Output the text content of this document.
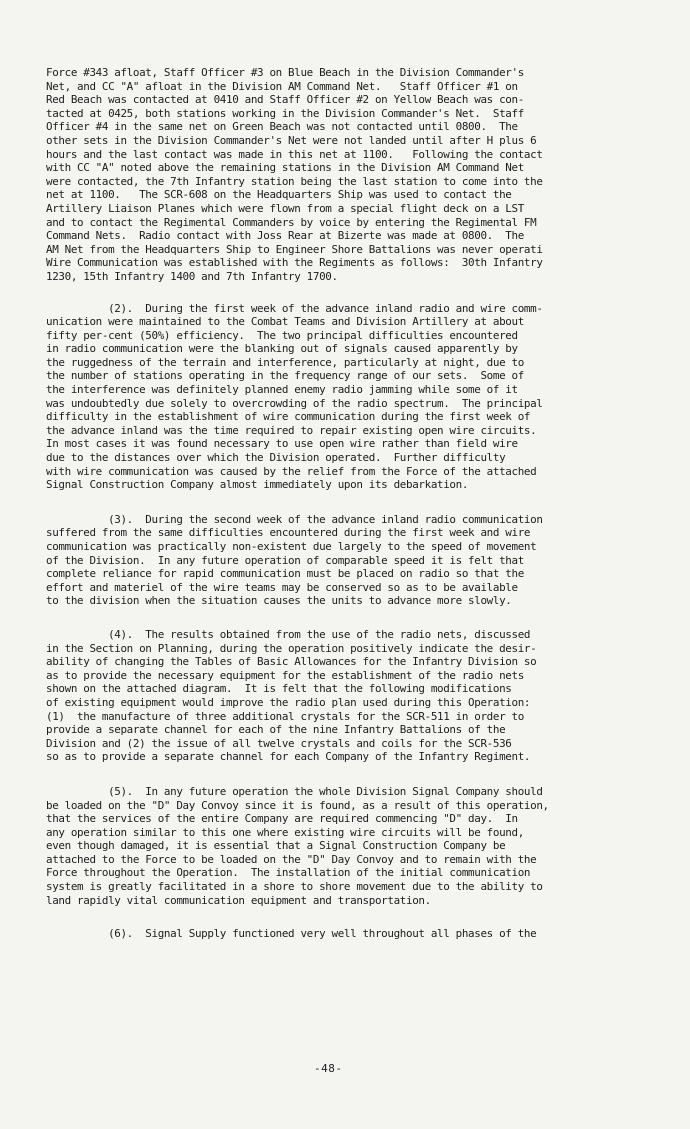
Force #343 afloat, Staff Officer #3 on Blue Beach in the Division Commander's
Net, and CC "A" afloat in the Division AM Command Net.   Staff Officer #1 on
Red Beach was contacted at 0410 and Staff Officer #2 on Yellow Beach was con-
tacted at 0425, both stations working in the Division Commander's Net.  Staff
Officer #4 in the same net on Green Beach was not contacted until 0800.  The
other sets in the Division Commander's Net were not landed until after H plus 6
hours and the last contact was made in this net at 1100.   Following the contact
with CC "A" noted above the remaining stations in the Division AM Command Net
were contacted, the 7th Infantry station being the last station to come into the
net at 1100.   The SCR-608 on the Headquarters Ship was used to contact the
Artillery Liaison Planes which were flown from a special flight deck on a LST
and to contact the Regimental Commanders by voice by entering the Regimental FM
Command Nets.  Radio contact with Joss Rear at Bizerte was made at 0800.  The
AM Net from the Headquarters Ship to Engineer Shore Battalions was never operati
Wire Communication was established with the Regiments as follows:  30th Infantry
1230, 15th Infantry 1400 and 7th Infantry 1700.
(2).  During the first week of the advance inland radio and wire comm-
unication were maintained to the Combat Teams and Division Artillery at about
fifty per-cent (50%) efficiency.  The two principal difficulties encountered
in radio communication were the blanking out of signals caused apparently by
the ruggedness of the terrain and interference, particularly at night, due to
the number of stations operating in the frequency range of our sets.  Some of
the interference was definitely planned enemy radio jamming while some of it
was undoubtedly due solely to overcrowding of the radio spectrum.  The principal
difficulty in the establishment of wire communication during the first week of
the advance inland was the time required to repair existing open wire circuits.
In most cases it was found necessary to use open wire rather than field wire
due to the distances over which the Division operated.  Further difficulty
with wire communication was caused by the relief from the Force of the attached
Signal Construction Company almost immediately upon its debarkation.
(3).  During the second week of the advance inland radio communication
suffered from the same difficulties encountered during the first week and wire
communication was practically non-existent due largely to the speed of movement
of the Division.  In any future operation of comparable speed it is felt that
complete reliance for rapid communication must be placed on radio so that the
effort and materiel of the wire teams may be conserved so as to be available
to the division when the situation causes the units to advance more slowly.
(4).  The results obtained from the use of the radio nets, discussed
in the Section on Planning, during the operation positively indicate the desir-
ability of changing the Tables of Basic Allowances for the Infantry Division so
as to provide the necessary equipment for the establishment of the radio nets
shown on the attached diagram.  It is felt that the following modifications
of existing equipment would improve the radio plan used during this Operation:
(1)  the manufacture of three additional crystals for the SCR-511 in order to
provide a separate channel for each of the nine Infantry Battalions of the
Division and (2) the issue of all twelve crystals and coils for the SCR-536
so as to provide a separate channel for each Company of the Infantry Regiment.
(5).  In any future operation the whole Division Signal Company should
be loaded on the "D" Day Convoy since it is found, as a result of this operation,
that the services of the entire Company are required commencing "D" day.  In
any operation similar to this one where existing wire circuits will be found,
even though damaged, it is essential that a Signal Construction Company be
attached to the Force to be loaded on the "D" Day Convoy and to remain with the
Force throughout the Operation.  The installation of the initial communication
system is greatly facilitated in a shore to shore movement due to the ability to
land rapidly vital communication equipment and transportation.
(6).  Signal Supply functioned very well throughout all phases of the
-48-
